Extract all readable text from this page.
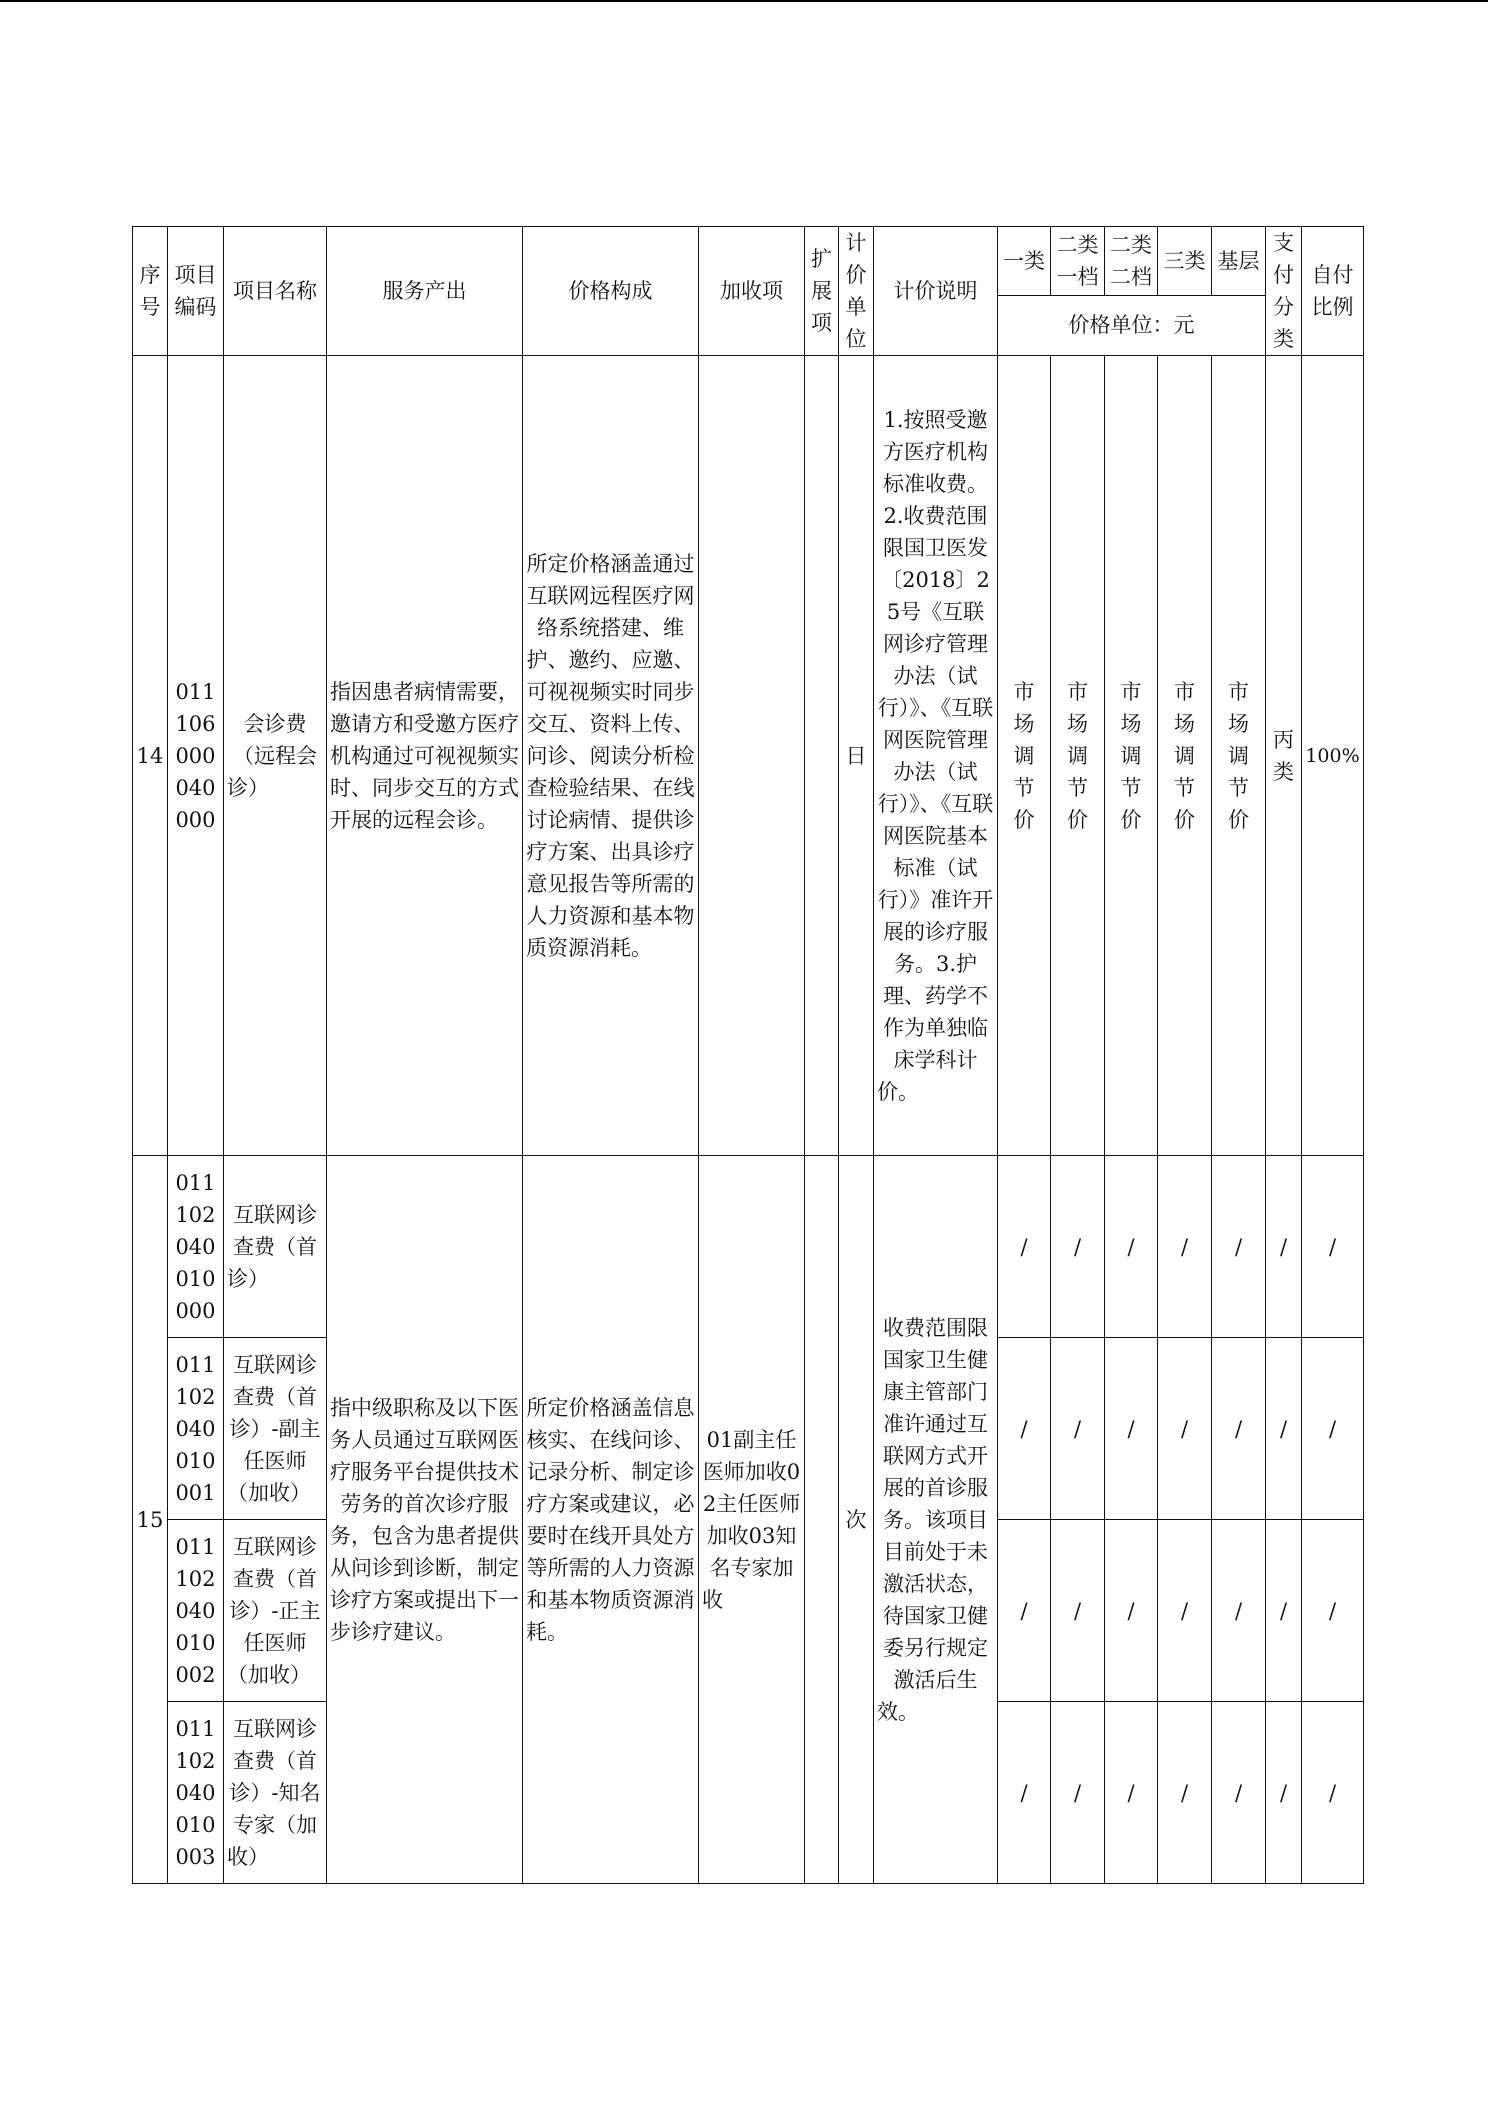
序号	项目编码	项目名称	服务产出	价格构成	加收项	扩展项	计价单位	计价说明	一类	二类一档	二类二档	三类	基层	支付分类	自付比例

									价格单位：元						
14	011106000040000	会诊费（远程会诊）	指因患者病情需要，邀请方和受邀方医疗机构通过可视视频实时、同步交互的方式开展的远程会诊。	所定价格涵盖通过互联网远程医疗网络系统搭建、维护、邀约、应邀、可视视频实时同步交互、资料上传、问诊、阅读分析检查检验结果、在线讨论病情、提供诊疗方案、出具诊疗意见报告等所需的人力资源和基本物质资源消耗。			日	1.按照受邀方医疗机构标准收费。2.收费范围限国卫医发〔2018〕25号《互联网诊疗管理办法（试行）》、《互联网医院管理办法（试行）》、《互联网医院基本标准（试行）》准许开展的诊疗服务。3.护理、药学不作为单独临床学科计价。	市场调节价	市场调节价	市场调节价	市场调节价	市场调节价	丙类	100%
15	011102040010000	互联网诊查费（首诊）	指中级职称及以下医务人员通过互联网医疗服务平台提供技术劳务的首次诊疗服务，包含为患者提供从问诊到诊断，制定诊疗方案或提出下一步诊疗建议。	所定价格涵盖信息核实、在线问诊、记录分析、制定诊疗方案或建议，必要时在线开具处方等所需的人力资源和基本物质资源消耗。	01副主任医师加收02主任医师加收03知名专家加收		次	收费范围限国家卫生健康主管部门准许通过互联网方式开展的首诊服务。该项目目前处于未激活状态，待国家卫健委另行规定激活后生效。	/	/	/	/	/	/	/

	011102040010001	互联网诊查费（首诊）-副主任医师（加收）							/	/	/	/	/	/	/

	011102040010002	互联网诊查费（首诊）-正主任医师（加收）							/	/	/	/	/	/	/

	011102040010003	互联网诊查费（首诊）-知名专家（加收）							/	/	/	/	/	/	/
